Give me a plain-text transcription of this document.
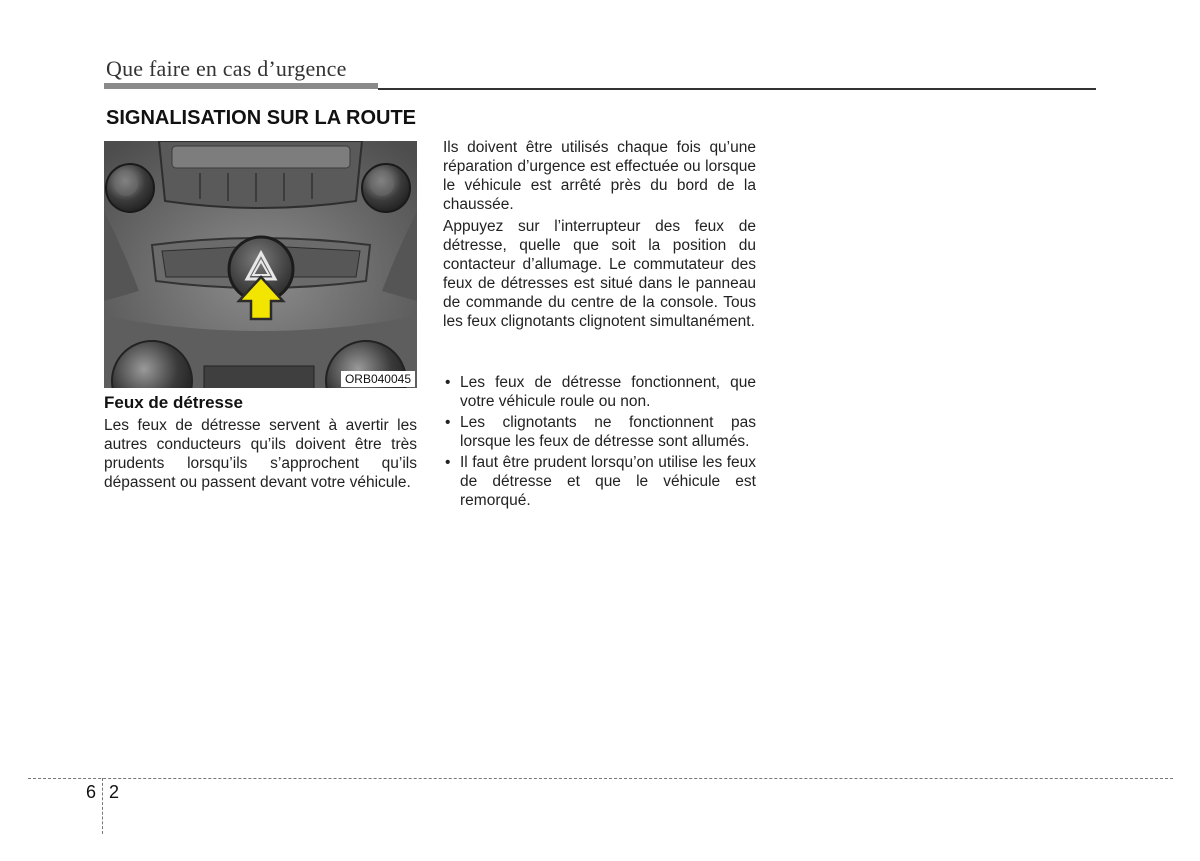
Que faire en cas d’urgence
SIGNALISATION SUR LA ROUTE
ORB040045
Feux de détresse
Les feux de détresse servent à avertir les autres conducteurs qu’ils doivent être très prudents lorsqu’ils s’approchent qu’ils dépassent ou passent devant votre véhicule.
Ils doivent être utilisés chaque fois qu’une réparation d’urgence est effectuée ou lorsque le véhicule est arrêté près du bord de la chaussée.
Appuyez sur l’interrupteur des feux de détresse, quelle que soit la position du contacteur d’allumage. Le commutateur des feux de détresses est situé dans le panneau de commande du centre de la console. Tous les feux clignotants clignotent simultanément.
• Les feux de détresse fonctionnent, que votre véhicule roule ou non.
• Les clignotants ne fonctionnent pas lorsque les feux de détresse sont allumés.
• Il faut être prudent lorsqu’on utilise les feux de détresse et que le véhicule est remorqué.
6 2
